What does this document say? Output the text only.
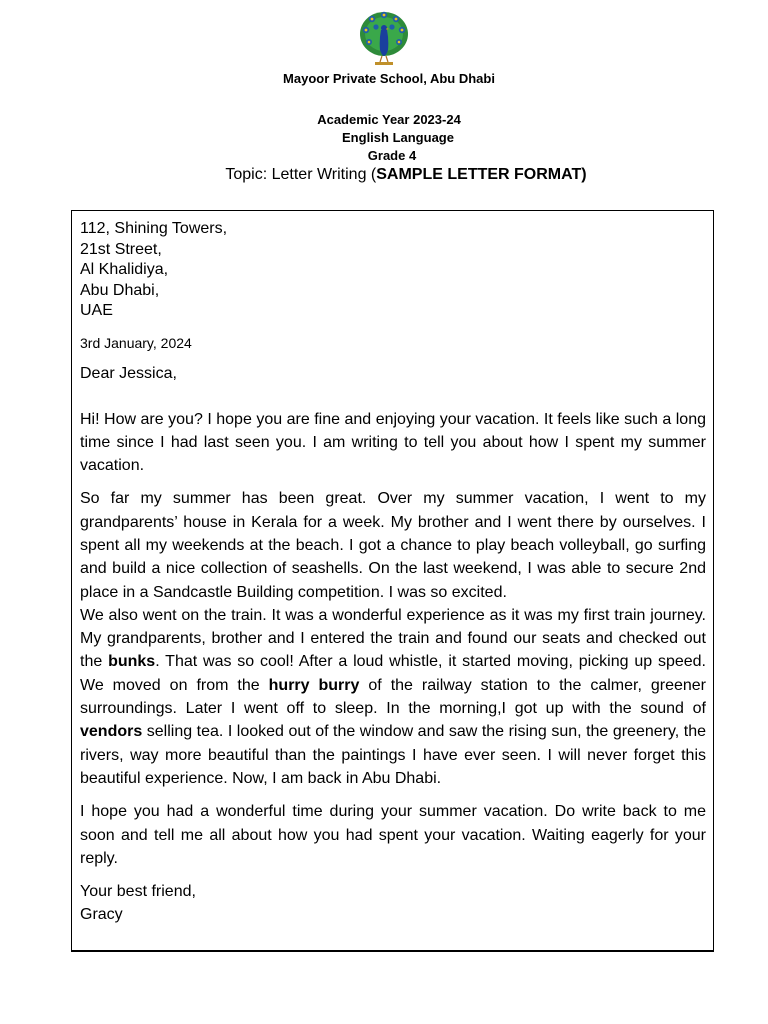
Mayoor Private School, Abu Dhabi
Academic Year 2023-24
English Language
Grade 4
Topic: Letter Writing (SAMPLE LETTER FORMAT)
112, Shining Towers,
21st Street,
Al Khalidiya,
Abu Dhabi,
UAE
3rd January, 2024
Dear Jessica,
Hi! How are you? I hope you are fine and enjoying your vacation. It feels like such a long time since I had last seen you. I am writing to tell you about how I spent my summer vacation.
So far my summer has been great. Over my summer vacation, I went to my grandparents’ house in Kerala for a week. My brother and I went there by ourselves. I spent all my weekends at the beach. I got a chance to play beach volleyball, go surfing and build a nice collection of seashells. On the last weekend, I was able to secure 2nd place in a Sandcastle Building competition. I was so excited.
We also went on the train. It was a wonderful experience as it was my first train journey. My grandparents, brother and I entered the train and found our seats and checked out the bunks. That was so cool! After a loud whistle, it started moving, picking up speed. We moved on from the hurry burry of the railway station to the calmer, greener surroundings. Later I went off to sleep. In the morning,I got up with the sound of vendors selling tea. I looked out of the window and saw the rising sun, the greenery, the rivers, way more beautiful than the paintings I have ever seen. I will never forget this beautiful experience. Now, I am back in Abu Dhabi.
I hope you had a wonderful time during your summer vacation. Do write back to me soon and tell me all about how you had spent your vacation. Waiting eagerly for your reply.
Your best friend,
Gracy
